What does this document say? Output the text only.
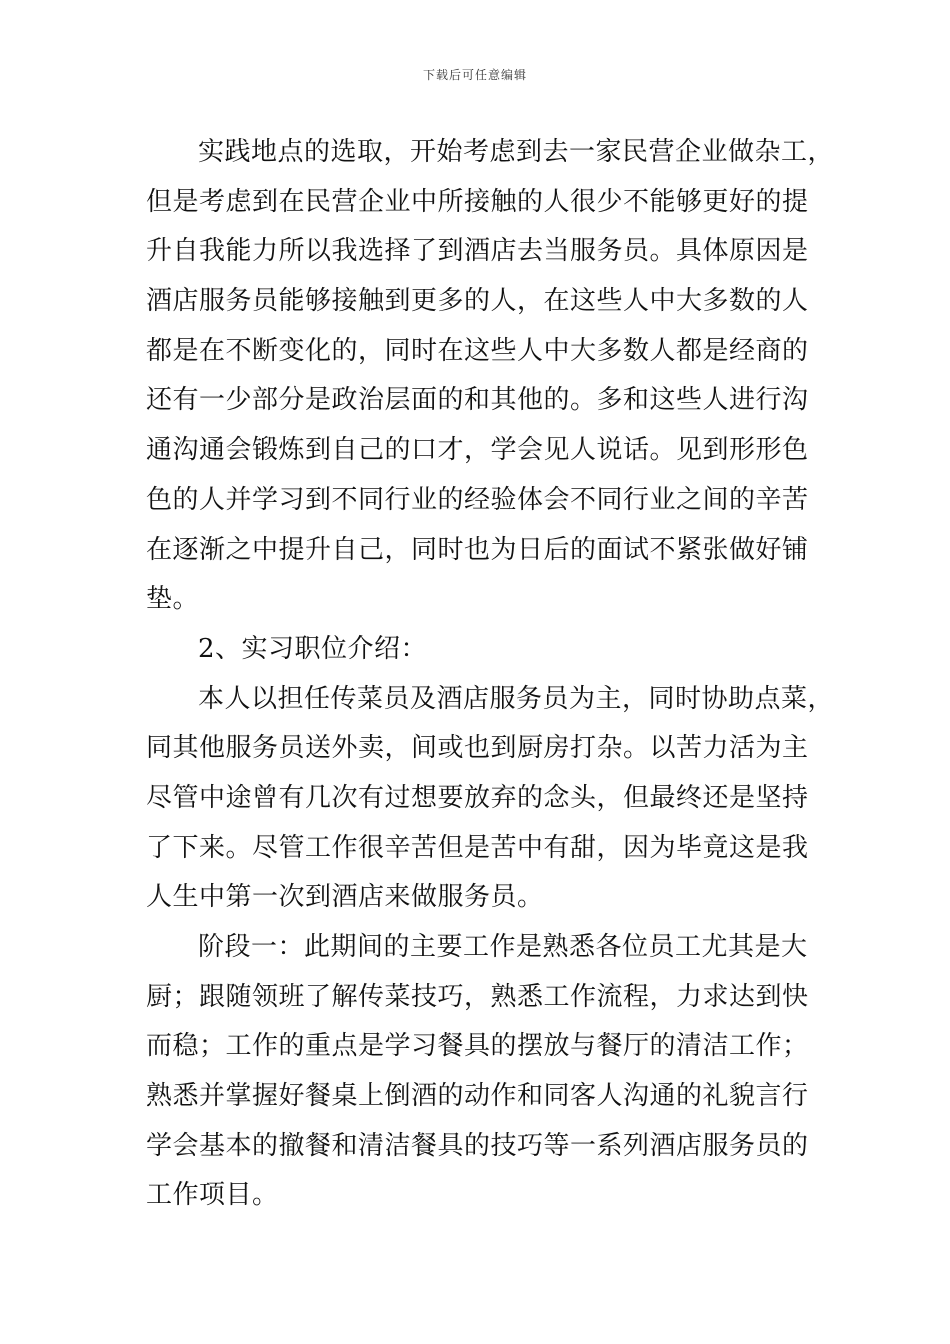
下载后可任意编辑
实践地点的选取，开始考虑到去一家民营企业做杂工，
但是考虑到在民营企业中所接触的人很少不能够更好的提
升自我能力所以我选择了到酒店去当服务员。具体原因是
酒店服务员能够接触到更多的人，在这些人中大多数的人
都是在不断变化的，同时在这些人中大多数人都是经商的
还有一少部分是政治层面的和其他的。多和这些人进行沟
通沟通会锻炼到自己的口才，学会见人说话。见到形形色
色的人并学习到不同行业的经验体会不同行业之间的辛苦
在逐渐之中提升自己，同时也为日后的面试不紧张做好铺
垫。
2、实习职位介绍：
本人以担任传菜员及酒店服务员为主，同时协助点菜，
同其他服务员送外卖，间或也到厨房打杂。以苦力活为主
尽管中途曾有几次有过想要放弃的念头，但最终还是坚持
了下来。尽管工作很辛苦但是苦中有甜，因为毕竟这是我
人生中第一次到酒店来做服务员。
阶段一：此期间的主要工作是熟悉各位员工尤其是大
厨；跟随领班了解传菜技巧，熟悉工作流程，力求达到快
而稳；工作的重点是学习餐具的摆放与餐厅的清洁工作；
熟悉并掌握好餐桌上倒酒的动作和同客人沟通的礼貌言行
学会基本的撤餐和清洁餐具的技巧等一系列酒店服务员的
工作项目。
